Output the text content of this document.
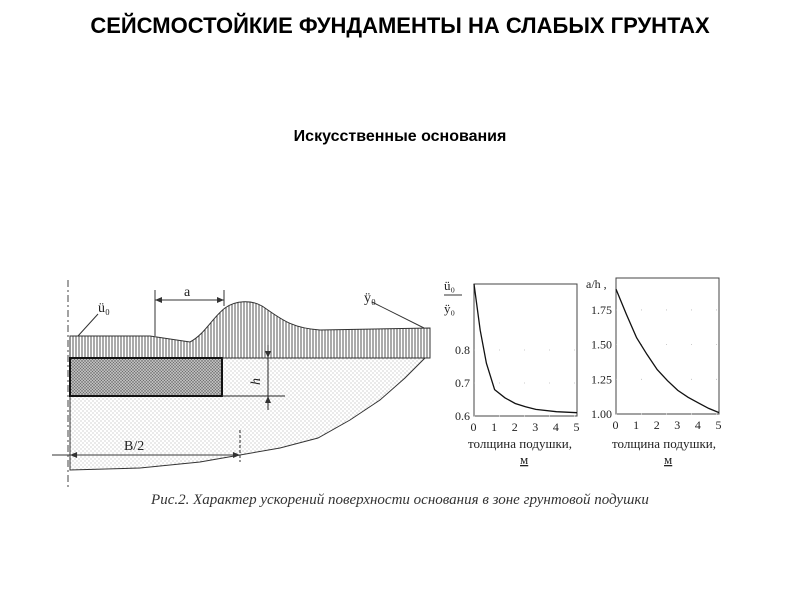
СЕЙСМОСТОЙКИЕ ФУНДАМЕНТЫ НА СЛАБЫХ ГРУНТАХ
Искусственные основания
ü₀
ÿ₀
a
h
B/2
ü₀
ÿ₀
0 1 2 3 4 5
0.8
0.7
0.6
толщина подушки,
м
a/h ,
0 1 2 3 4 5
1.75
1.50
1.25
1.00
толщина подушки,
м
Рис.2. Характер ускорений поверхности основания в зоне грунтовой подушки
